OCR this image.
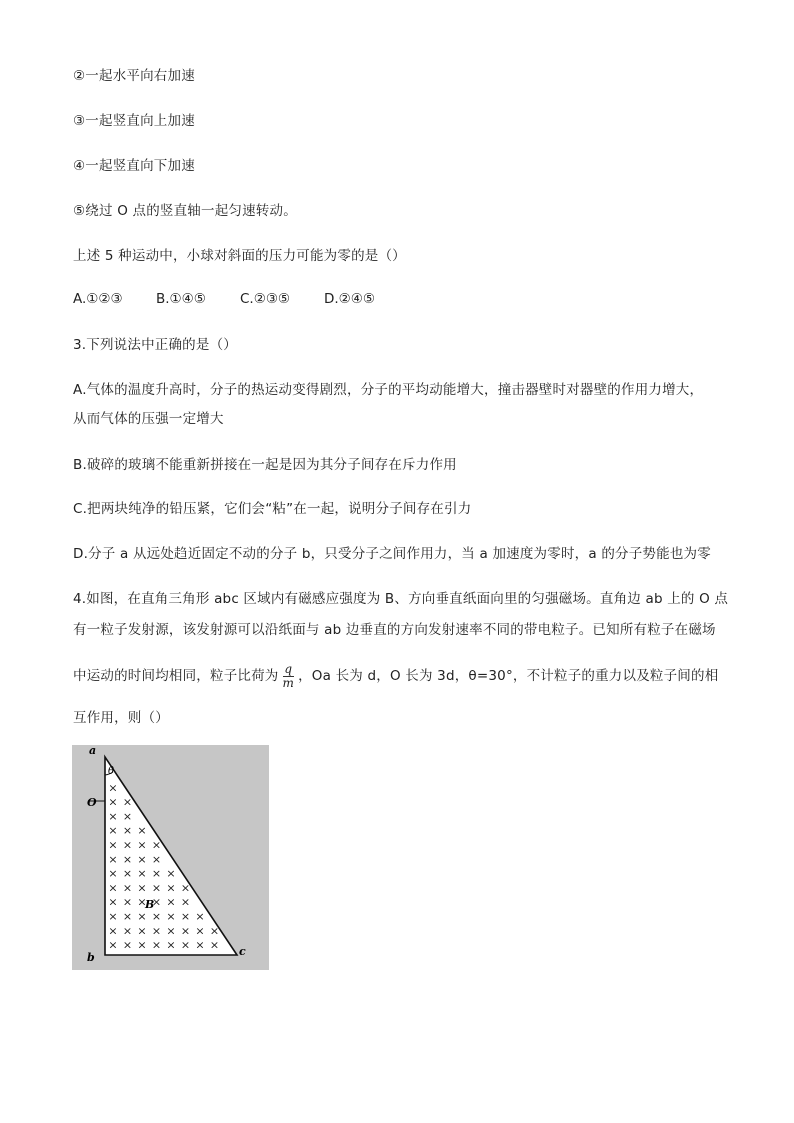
②一起水平向右加速
③一起竖直向上加速
④一起竖直向下加速
⑤绕过 O 点的竖直轴一起匀速转动。
上述 5 种运动中，小球对斜面的压力可能为零的是（）
A.①②③ B.①④⑤	C.②③⑤	D.②④⑤
3.下列说法中正确的是（）
A.气体的温度升高时，分子的热运动变得剧烈，分子的平均动能增大，撞击器壁时对器壁的作用力增大，
从而气体的压强一定增大
B.破碎的玻璃不能重新拼接在一起是因为其分子间存在斥力作用
C.把两块纯净的铅压紧，它们会“粘”在一起，说明分子间存在引力
D.分子 a 从远处趋近固定不动的分子 b，只受分子之间作用力，当 a 加速度为零时，a 的分子势能也为零
4.如图，在直角三角形 abc 区域内有磁感应强度为 B、方向垂直纸面向里的匀强磁场。直角边 ab 上的 O 点
有一粒子发射源，该发射源可以沿纸面与 ab 边垂直的方向发射速率不同的带电粒子。已知所有粒子在磁场
中运动的时间均相同，粒子比荷为 $\frac{q}{m}$ ，Oa 长为 d，O 长为 3d，θ=30°，不计粒子的重力以及粒子间的相
互作用，则（）
×
× ×
× ×
× × ×
× × × ×
× × × ×
× × × × ×
× × × × × ×
× × × × × ×
× × × × × × ×
× × × × × × × ×
× × × × × × × ×
a
θ
O
b	c
B
